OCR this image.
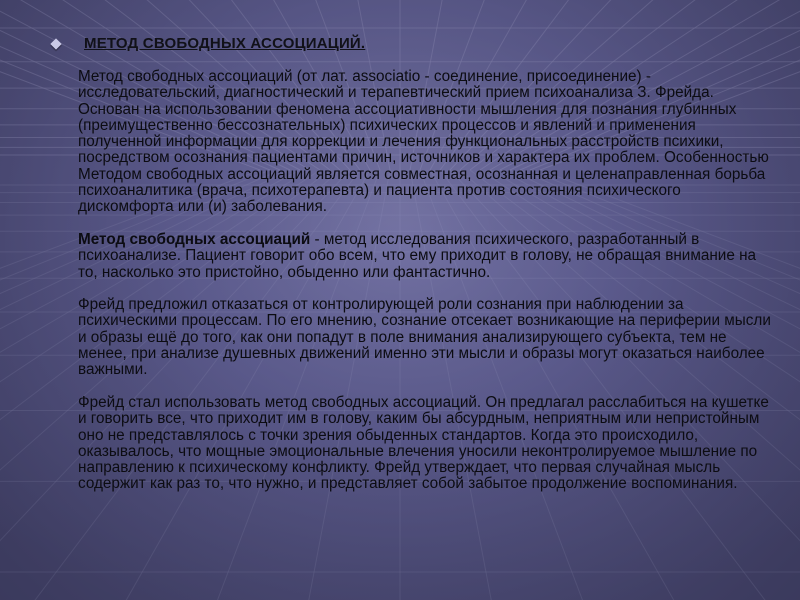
МЕТОД СВОБОДНЫХ АССОЦИАЦИЙ.

Метод свободных ассоциаций (от лат. associatio - соединение, присоединение) - исследовательский, диагностический и терапевтический прием психоанализа З. Фрейда. Основан на использовании феномена ассоциативности мышления для познания глубинных (преимущественно бессознательных) психических процессов и явлений и применения полученной информации для коррекции и лечения функциональных расстройств психики, посредством осознания пациентами причин, источников и характера их проблем. Особенностью Методом свободных ассоциаций является совместная, осознанная и целенаправленная борьба психоаналитика (врача, психотерапевта) и пациента против состояния психического дискомфорта или (и) заболевания.

Метод свободных ассоциаций - метод исследования психического, разработанный в психоанализе. Пациент говорит обо всем, что ему приходит в голову, не обращая внимание на то, насколько это пристойно, обыденно или фантастично.

Фрейд предложил отказаться от контролирующей роли сознания при наблюдении за психическими процессам. По его мнению, сознание отсекает возникающие на периферии мысли и образы ещё до того, как они попадут в поле внимания анализирующего субъекта, тем не менее, при анализе душевных движений именно эти мысли и образы могут оказаться наиболее важными.

Фрейд стал использовать метод свободных ассоциаций. Он предлагал расслабиться на кушетке и говорить все, что приходит им в голову, каким бы абсурдным, неприятным или непристойным оно не представлялось с точки зрения обыденных стандартов. Когда это происходило, оказывалось, что мощные эмоциональные влечения уносили неконтролируемое мышление по направлению к психическому конфликту. Фрейд утверждает, что первая случайная мысль содержит как раз то, что нужно, и представляет собой забытое продолжение воспоминания.
